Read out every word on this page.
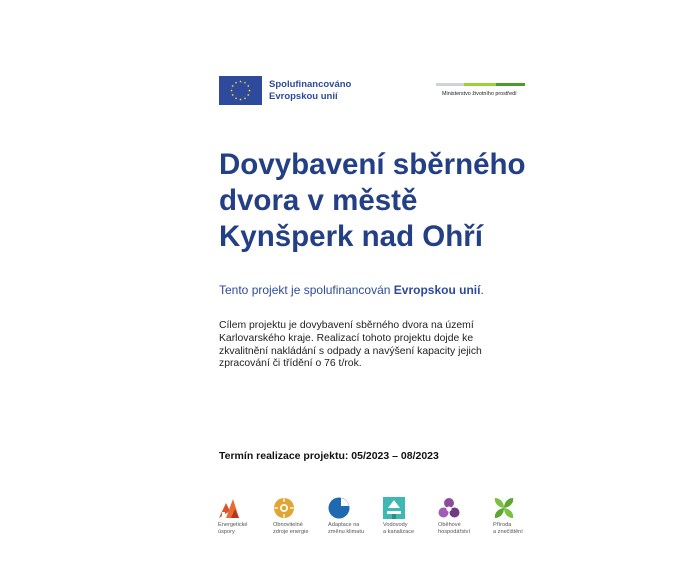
Spolufinancováno
Evropskou unií	Ministerstvo životního prostředí
Dovybavení sběrného dvora v městě Kynšperk nad Ohří

Tento projekt je spolufinancován Evropskou unií.

Cílem projektu je dovybavení sběrného dvora na území Karlovarského kraje. Realizací tohoto projektu dojde ke zkvalitnění nakládání s odpady a navýšení kapacity jejich zpracování či třídění o 76 t/rok.

Termín realizace projektu: 05/2023 – 08/2023

Energetické
úspory
Obnovitelné
zdroje energie
Adaptace na
změnu klimatu
Vodovody
a kanalizace
Oběhové
hospodářství
Příroda
a znečištění
